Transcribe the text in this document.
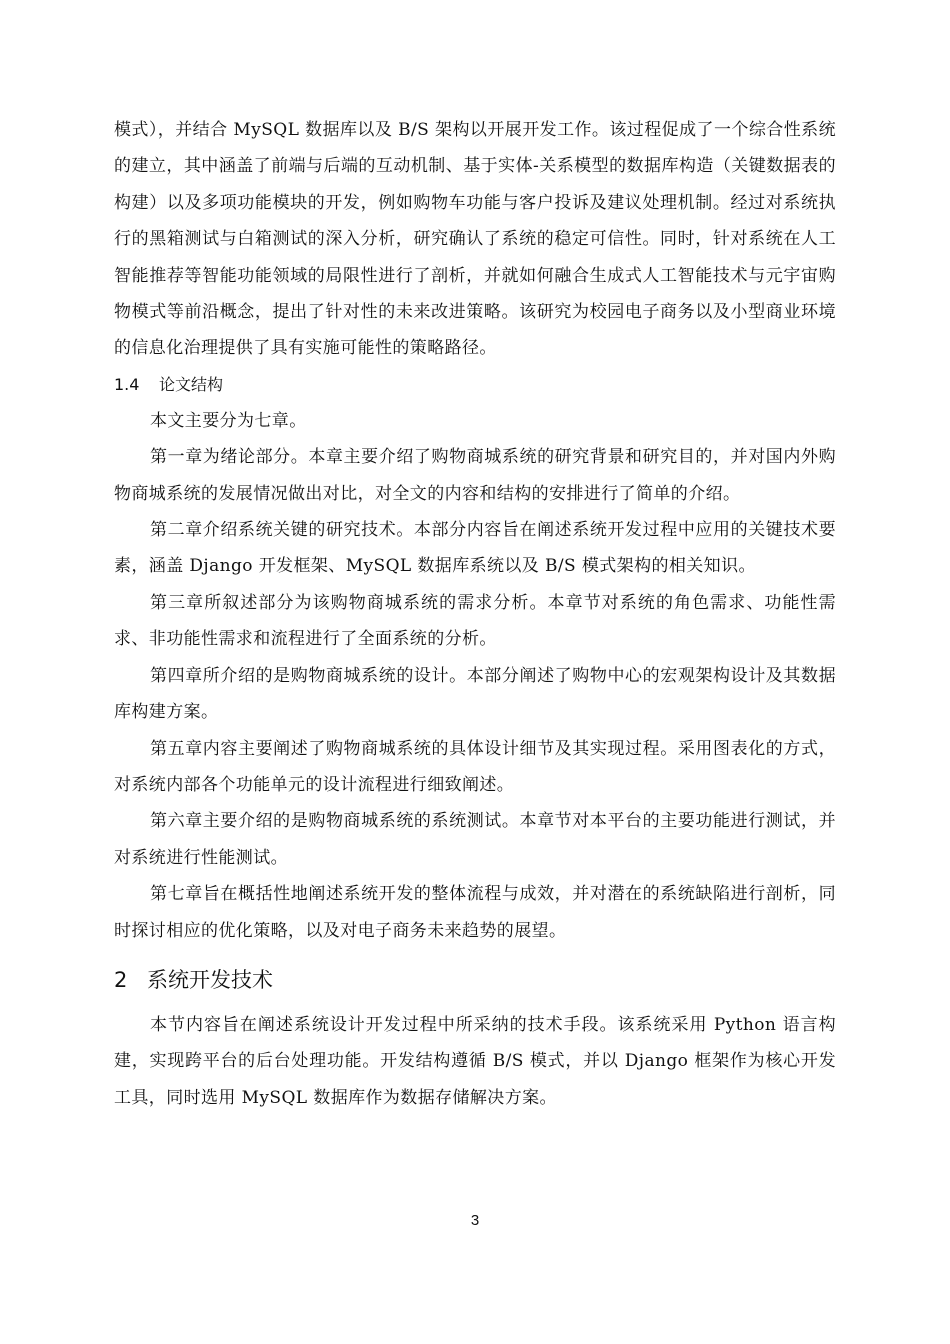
模式），并结合 MySQL 数据库以及 B/S 架构以开展开发工作。该过程促成了一个综合性系统的建立，其中涵盖了前端与后端的互动机制、基于实体-关系模型的数据库构造（关键数据表的构建）以及多项功能模块的开发，例如购物车功能与客户投诉及建议处理机制。经过对系统执行的黑箱测试与白箱测试的深入分析，研究确认了系统的稳定可信性。同时，针对系统在人工智能推荐等智能功能领域的局限性进行了剖析，并就如何融合生成式人工智能技术与元宇宙购物模式等前沿概念，提出了针对性的未来改进策略。该研究为校园电子商务以及小型商业环境的信息化治理提供了具有实施可能性的策略路径。

1.4 论文结构

本文主要分为七章。

第一章为绪论部分。本章主要介绍了购物商城系统的研究背景和研究目的，并对国内外购物商城系统的发展情况做出对比，对全文的内容和结构的安排进行了简单的介绍。

第二章介绍系统关键的研究技术。本部分内容旨在阐述系统开发过程中应用的关键技术要素，涵盖 Django 开发框架、MySQL 数据库系统以及 B/S 模式架构的相关知识。

第三章所叙述部分为该购物商城系统的需求分析。本章节对系统的角色需求、功能性需求、非功能性需求和流程进行了全面系统的分析。

第四章所介绍的是购物商城系统的设计。本部分阐述了购物中心的宏观架构设计及其数据库构建方案。

第五章内容主要阐述了购物商城系统的具体设计细节及其实现过程。采用图表化的方式，对系统内部各个功能单元的设计流程进行细致阐述。

第六章主要介绍的是购物商城系统的系统测试。本章节对本平台的主要功能进行测试，并对系统进行性能测试。

第七章旨在概括性地阐述系统开发的整体流程与成效，并对潜在的系统缺陷进行剖析，同时探讨相应的优化策略，以及对电子商务未来趋势的展望。

2 系统开发技术

本节内容旨在阐述系统设计开发过程中所采纳的技术手段。该系统采用 Python 语言构建，实现跨平台的后台处理功能。开发结构遵循 B/S 模式，并以 Django 框架作为核心开发工具，同时选用 MySQL 数据库作为数据存储解决方案。

3
